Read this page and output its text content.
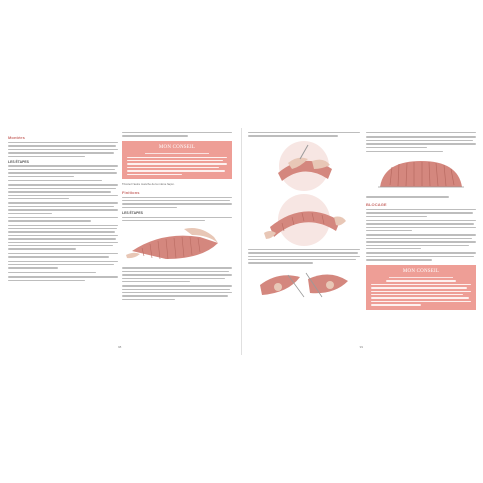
Montées
LES ÉTAPES
MON CONSEIL
Tricotez l'autre manche de la même façon.
Finitions
LES ÉTAPES
98
BLOCAGE
MON CONSEIL
99
